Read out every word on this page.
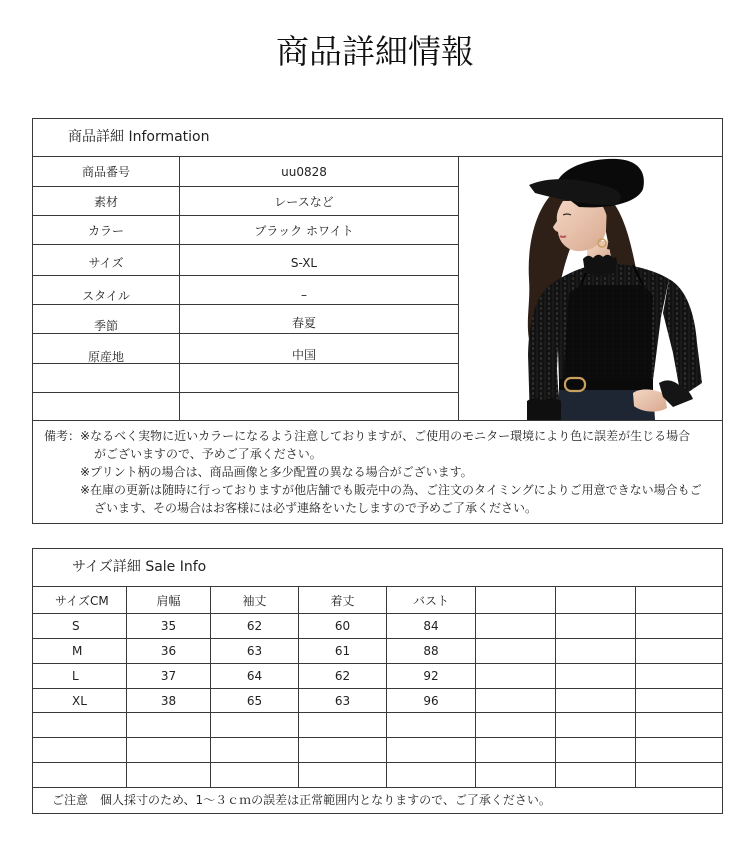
商品詳細情報
商品詳細 Information
商品番号	uu0828
素材	レースなど
カラー	ブラック ホワイト
サイズ	S-XL
スタイル	–
季節	春夏
原産地	中国
備考：※なるべく実物に近いカラーになるよう注意しておりますが、ご使用のモニター環境により色に誤差が生じる場合
がございますので、予めご了承ください。
※プリント柄の場合は、商品画像と多少配置の異なる場合がございます。
※在庫の更新は随時に行っておりますが他店舗でも販売中の為、ご注文のタイミングによりご用意できない場合もご
ざいます、その場合はお客様には必ず連絡をいたしますので予めご了承ください。
サイズ詳細 Sale Info
サイズCM	肩幅	袖丈	着丈	バスト
S	35	62	60	84
M	36	63	61	88
L	37	64	62	92
XL	38	65	63	96
ご注意　個人採寸のため、1〜３ｃｍの誤差は正常範囲内となりますので、ご了承ください。
